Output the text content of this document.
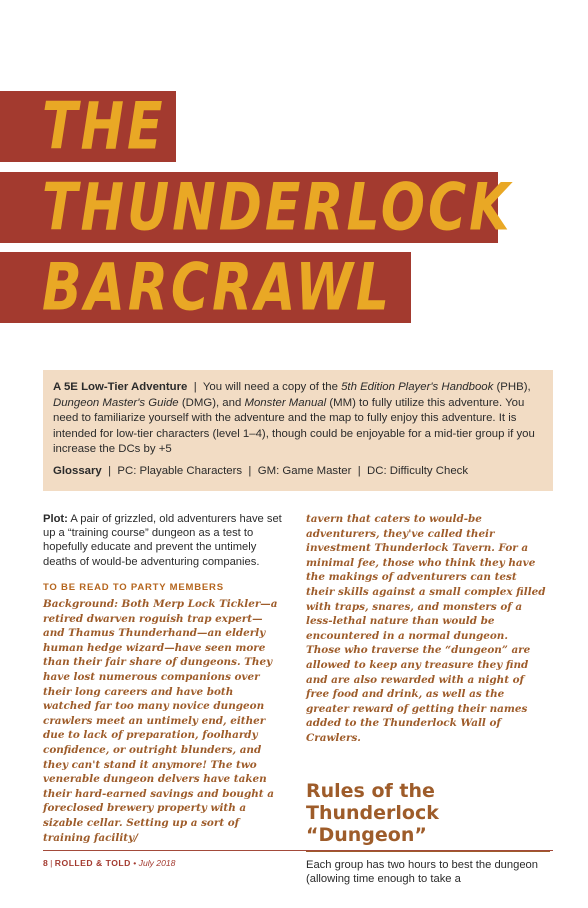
THE
THUNDERLOCK
BARCRAWL

A 5E Low-Tier Adventure  |  You will need a copy of the 5th Edition Player's Handbook (PHB), Dungeon Master's Guide (DMG), and Monster Manual (MM) to fully utilize this adventure. You need to familiarize yourself with the adventure and the map to fully enjoy this adventure. It is intended for low-tier characters (level 1–4), though could be enjoyable for a mid-tier group if you increase the DCs by +5

Glossary  |  PC: Playable Characters  |  GM: Game Master  |  DC: Difficulty Check

Plot: A pair of grizzled, old adventurers have set up a “training course” dungeon as a test to hopefully educate and prevent the untimely deaths of would-be adventuring companies.

TO BE READ TO PARTY MEMBERS

Background: Both Merp Lock Tickler—a retired dwarven roguish trap expert—and Thamus Thunderhand—an elderly human hedge wizard—have seen more than their fair share of dungeons. They have lost numerous companions over their long careers and have both watched far too many novice dungeon crawlers meet an untimely end, either due to lack of preparation, foolhardy confidence, or outright blunders, and they can't stand it anymore! The two venerable dungeon delvers have taken their hard-earned savings and bought a foreclosed brewery property with a sizable cellar. Setting up a sort of training facility/

tavern that caters to would-be adventurers, they've called their investment Thunderlock Tavern. For a minimal fee, those who think they have the makings of adventurers can test their skills against a small complex filled with traps, snares, and monsters of a less-lethal nature than would be encountered in a normal dungeon. Those who traverse the “dungeon” are allowed to keep any treasure they find and are also rewarded with a night of free food and drink, as well as the greater reward of getting their names added to the Thunderlock Wall of Crawlers.

Rules of the
Thunderlock “Dungeon”

Each group has two hours to best the dungeon (allowing time enough to take a

8 | ROLLED & TOLD • July 2018
